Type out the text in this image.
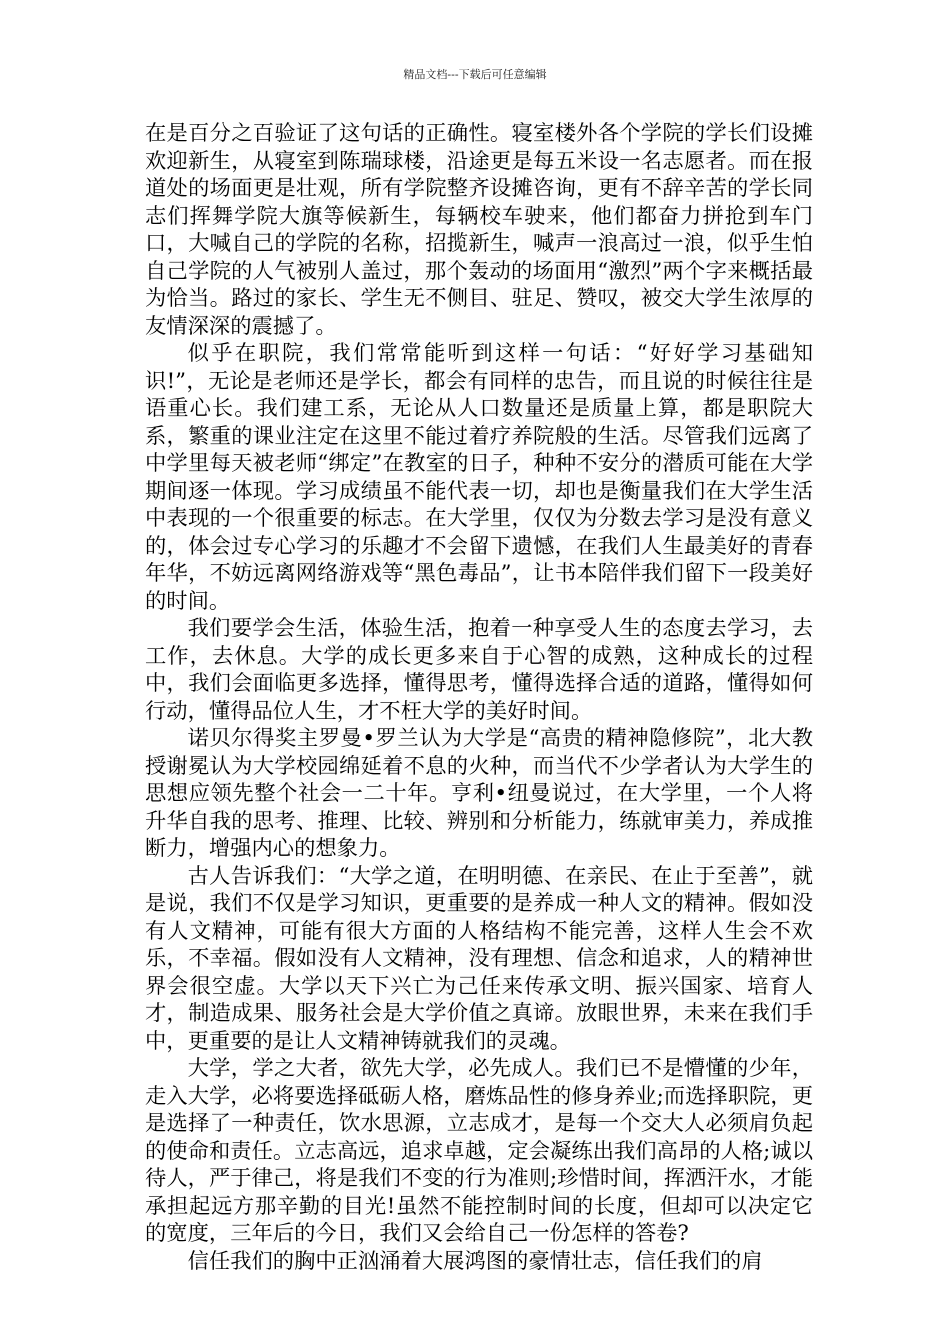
精品文档---下载后可任意编辑

在是百分之百验证了这句话的正确性。寝室楼外各个学院的学长们设摊欢迎新生，从寝室到陈瑞球楼，沿途更是每五米设一名志愿者。而在报道处的场面更是壮观，所有学院整齐设摊咨询，更有不辞辛苦的学长同志们挥舞学院大旗等候新生，每辆校车驶来，他们都奋力拼抢到车门口，大喊自己的学院的名称，招揽新生，喊声一浪高过一浪，似乎生怕自己学院的人气被别人盖过，那个轰动的场面用“激烈”两个字来概括最为恰当。路过的家长、学生无不侧目、驻足、赞叹，被交大学生浓厚的友情深深的震撼了。

似乎在职院，我们常常能听到这样一句话：“好好学习基础知识!”，无论是老师还是学长，都会有同样的忠告，而且说的时候往往是语重心长。我们建工系，无论从人口数量还是质量上算，都是职院大系，繁重的课业注定在这里不能过着疗养院般的生活。尽管我们远离了中学里每天被老师“绑定”在教室的日子，种种不安分的潜质可能在大学期间逐一体现。学习成绩虽不能代表一切，却也是衡量我们在大学生活中表现的一个很重要的标志。在大学里，仅仅为分数去学习是没有意义的，体会过专心学习的乐趣才不会留下遗憾，在我们人生最美好的青春年华，不妨远离网络游戏等“黑色毒品”，让书本陪伴我们留下一段美好的时间。

我们要学会生活，体验生活，抱着一种享受人生的态度去学习，去工作，去休息。大学的成长更多来自于心智的成熟，这种成长的过程中，我们会面临更多选择，懂得思考，懂得选择合适的道路，懂得如何行动，懂得品位人生，才不枉大学的美好时间。

诺贝尔得奖主罗曼•罗兰认为大学是“高贵的精神隐修院”，北大教授谢冕认为大学校园绵延着不息的火种，而当代不少学者认为大学生的思想应领先整个社会一二十年。亨利•纽曼说过，在大学里，一个人将升华自我的思考、推理、比较、辨别和分析能力，练就审美力，养成推断力，增强内心的想象力。

古人告诉我们：“大学之道，在明明德、在亲民、在止于至善”，就是说，我们不仅是学习知识，更重要的是养成一种人文的精神。假如没有人文精神，可能有很大方面的人格结构不能完善，这样人生会不欢乐，不幸福。假如没有人文精神，没有理想、信念和追求，人的精神世界会很空虚。大学以天下兴亡为己任来传承文明、振兴国家、培育人才，制造成果、服务社会是大学价值之真谛。放眼世界，未来在我们手中，更重要的是让人文精神铸就我们的灵魂。

大学，学之大者，欲先大学，必先成人。我们已不是懵懂的少年，走入大学，必将要选择砥砺人格，磨炼品性的修身养业;而选择职院，更是选择了一种责任，饮水思源，立志成才，是每一个交大人必须肩负起的使命和责任。立志高远，追求卓越，定会凝练出我们高昂的人格;诚以待人，严于律己，将是我们不变的行为准则;珍惜时间，挥洒汗水，才能承担起远方那辛勤的目光!虽然不能控制时间的长度，但却可以决定它的宽度，三年后的今日，我们又会给自己一份怎样的答卷?

信任我们的胸中正汹涌着大展鸿图的豪情壮志，信任我们的肩
